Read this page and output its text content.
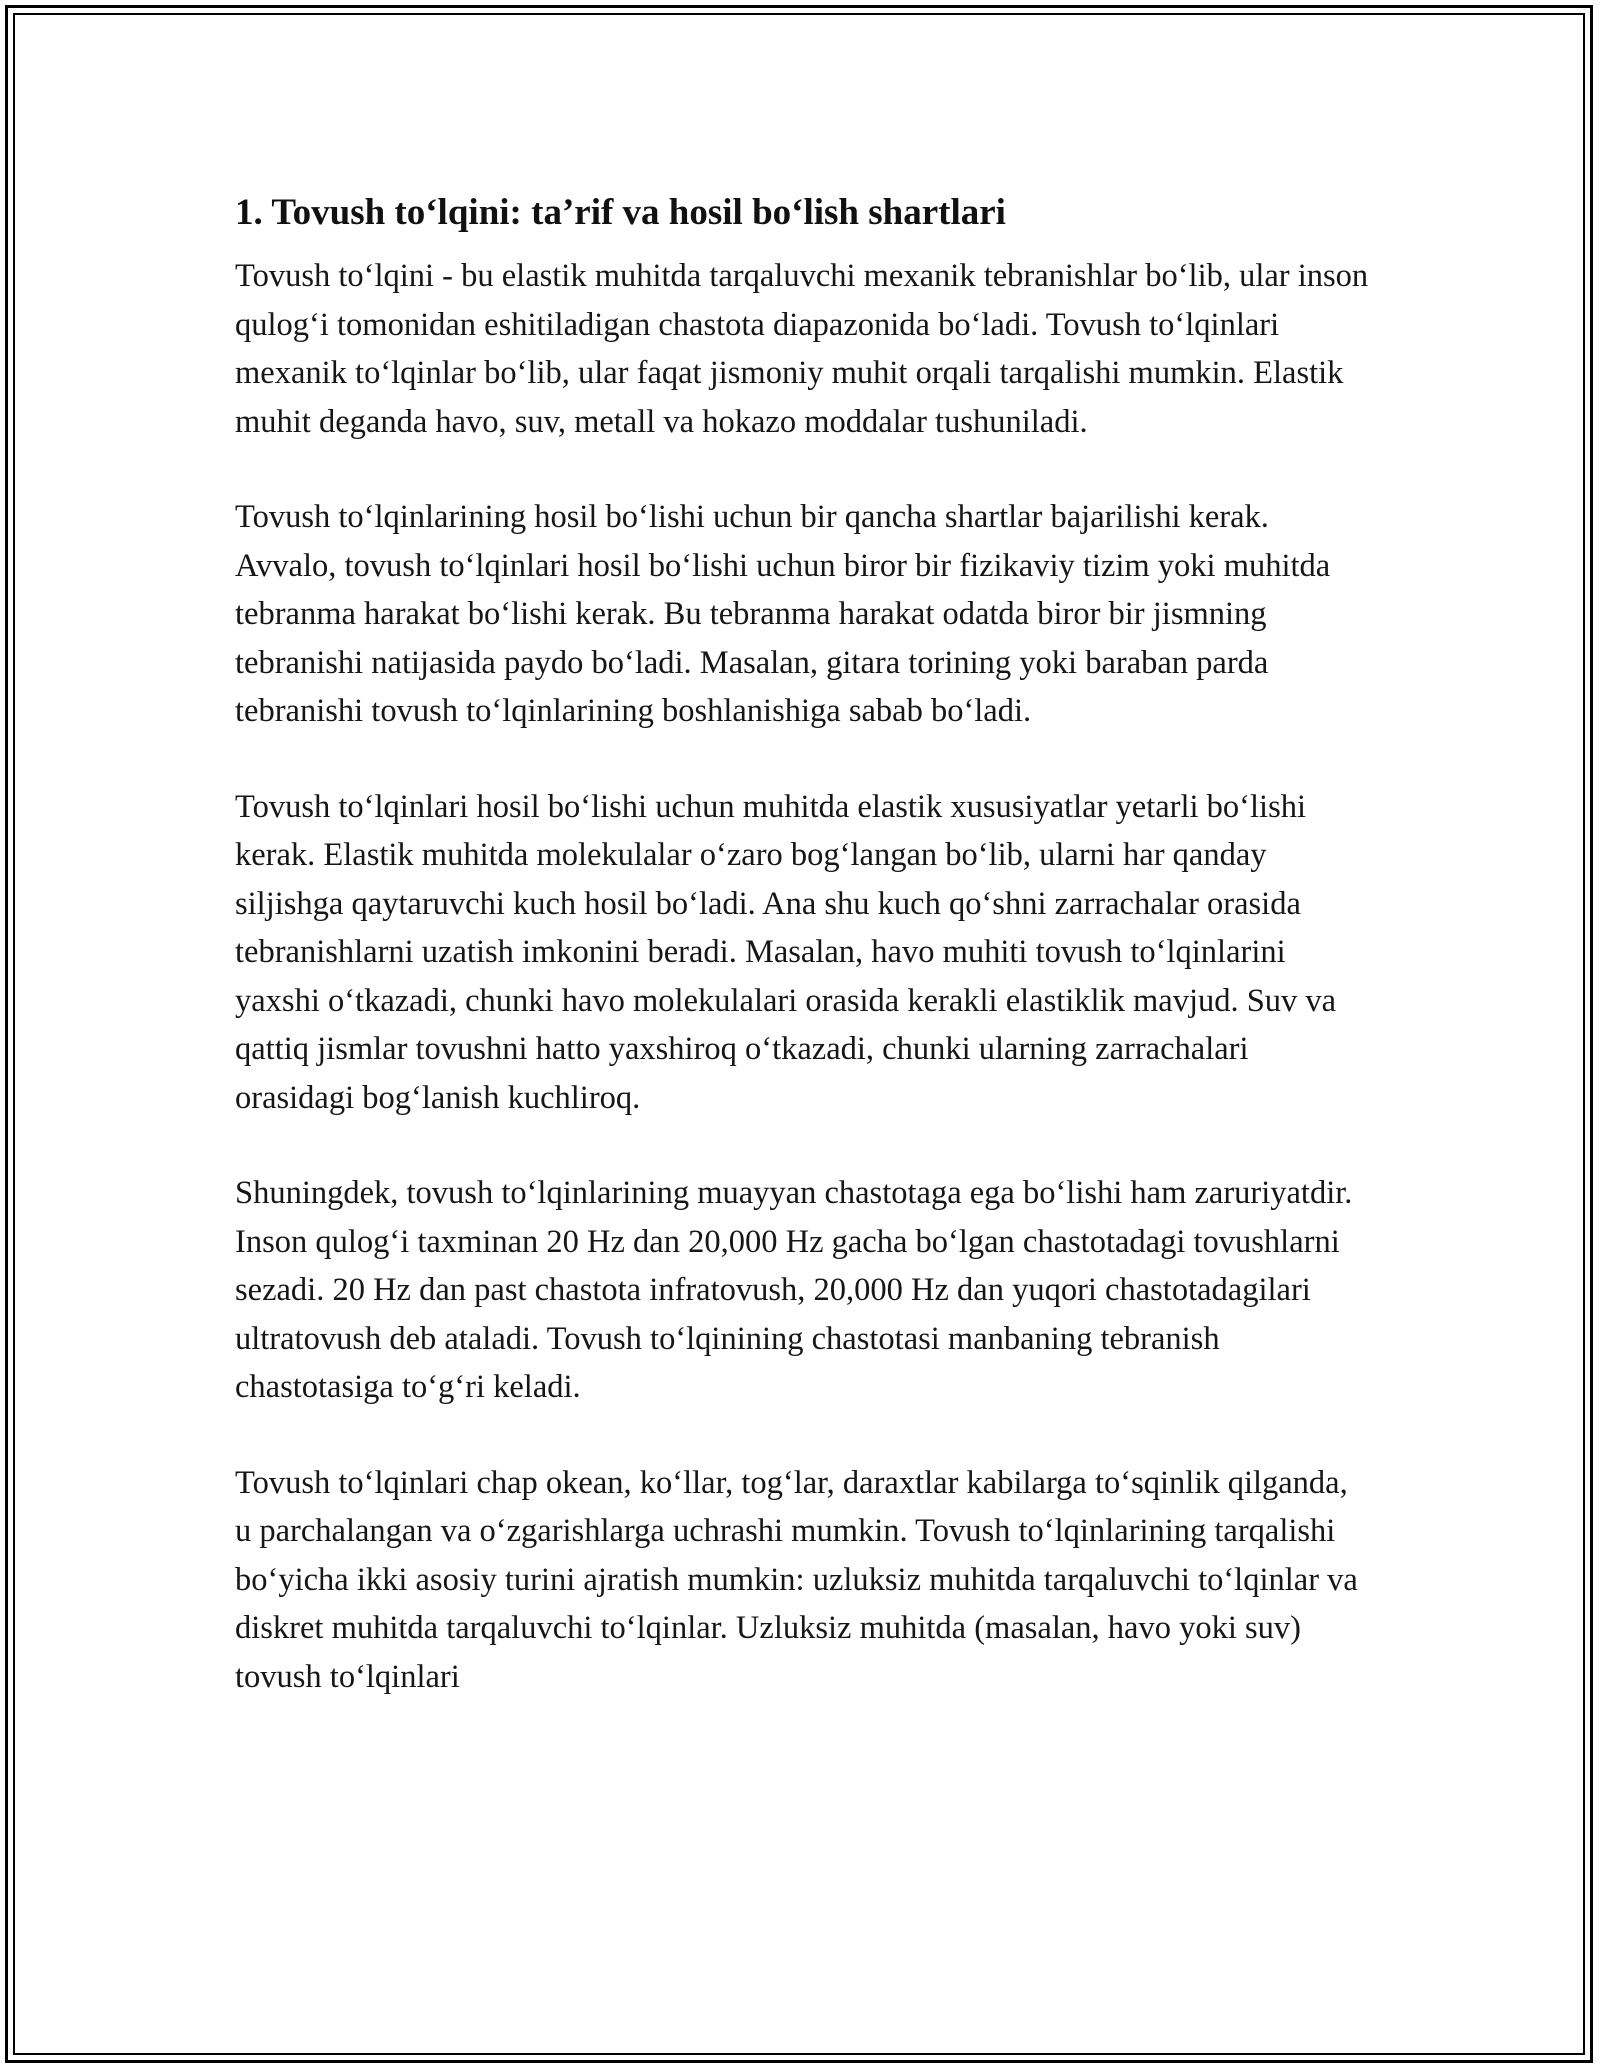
1. Tovush to‘lqini: ta’rif va hosil bo‘lish shartlari

Tovush to‘lqini - bu elastik muhitda tarqaluvchi mexanik tebranishlar bo‘lib, ular inson qulog‘i tomonidan eshitiladigan chastota diapazonida bo‘ladi. Tovush to‘lqinlari mexanik to‘lqinlar bo‘lib, ular faqat jismoniy muhit orqali tarqalishi mumkin. Elastik muhit deganda havo, suv, metall va hokazo moddalar tushuniladi.

Tovush to‘lqinlarining hosil bo‘lishi uchun bir qancha shartlar bajarilishi kerak. Avvalo, tovush to‘lqinlari hosil bo‘lishi uchun biror bir fizikaviy tizim yoki muhitda tebranma harakat bo‘lishi kerak. Bu tebranma harakat odatda biror bir jismning tebranishi natijasida paydo bo‘ladi. Masalan, gitara torining yoki baraban parda tebranishi tovush to‘lqinlarining boshlanishiga sabab bo‘ladi.

Tovush to‘lqinlari hosil bo‘lishi uchun muhitda elastik xususiyatlar yetarli bo‘lishi kerak. Elastik muhitda molekulalar o‘zaro bog‘langan bo‘lib, ularni har qanday siljishga qaytaruvchi kuch hosil bo‘ladi. Ana shu kuch qo‘shni zarrachalar orasida tebranishlarni uzatish imkonini beradi. Masalan, havo muhiti tovush to‘lqinlarini yaxshi o‘tkazadi, chunki havo molekulalari orasida kerakli elastiklik mavjud. Suv va qattiq jismlar tovushni hatto yaxshiroq o‘tkazadi, chunki ularning zarrachalari orasidagi bog‘lanish kuchliroq.

Shuningdek, tovush to‘lqinlarining muayyan chastotaga ega bo‘lishi ham zaruriyatdir. Inson qulog‘i taxminan 20 Hz dan 20,000 Hz gacha bo‘lgan chastotadagi tovushlarni sezadi. 20 Hz dan past chastota infratovush, 20,000 Hz dan yuqori chastotadagilari ultratovush deb ataladi. Tovush to‘lqinining chastotasi manbaning tebranish chastotasiga to‘g‘ri keladi.

Tovush to‘lqinlari chap okean, ko‘llar, tog‘lar, daraxtlar kabilarga to‘sqinlik qilganda, u parchalangan va o‘zgarishlarga uchrashi mumkin. Tovush to‘lqinlarining tarqalishi bo‘yicha ikki asosiy turini ajratish mumkin: uzluksiz muhitda tarqaluvchi to‘lqinlar va diskret muhitda tarqaluvchi to‘lqinlar. Uzluksiz muhitda (masalan, havo yoki suv) tovush to‘lqinlari
